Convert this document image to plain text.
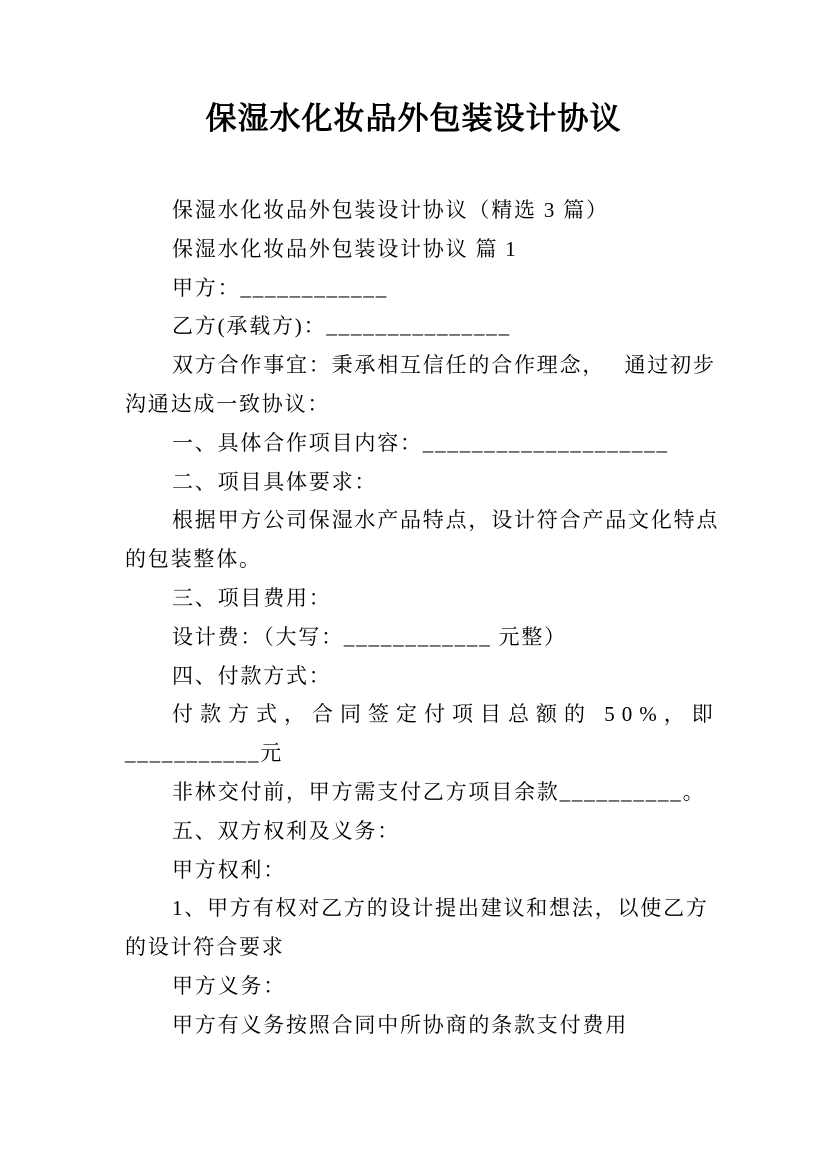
保湿水化妆品外包装设计协议
保湿水化妆品外包装设计协议（精选 3 篇）
保湿水化妆品外包装设计协议 篇 1
甲方：____________
乙方(承载方)：_______________
双方合作事宜：秉承相互信任的合作理念，　 通过初步
沟通达成一致协议：
一、具体合作项目内容：____________________
二、项目具体要求：
根据甲方公司保湿水产品特点，设计符合产品文化特点
的包装整体。
三、项目费用：
设计费：（大写：____________ 元整）
四、付款方式：
付款方式，合同签定付项目总额的 50%，即
___________元
非林交付前，甲方需支付乙方项目余款__________。
五、双方权利及义务：
甲方权利：
1、甲方有权对乙方的设计提出建议和想法，以使乙方
的设计符合要求
甲方义务：
甲方有义务按照合同中所协商的条款支付费用
